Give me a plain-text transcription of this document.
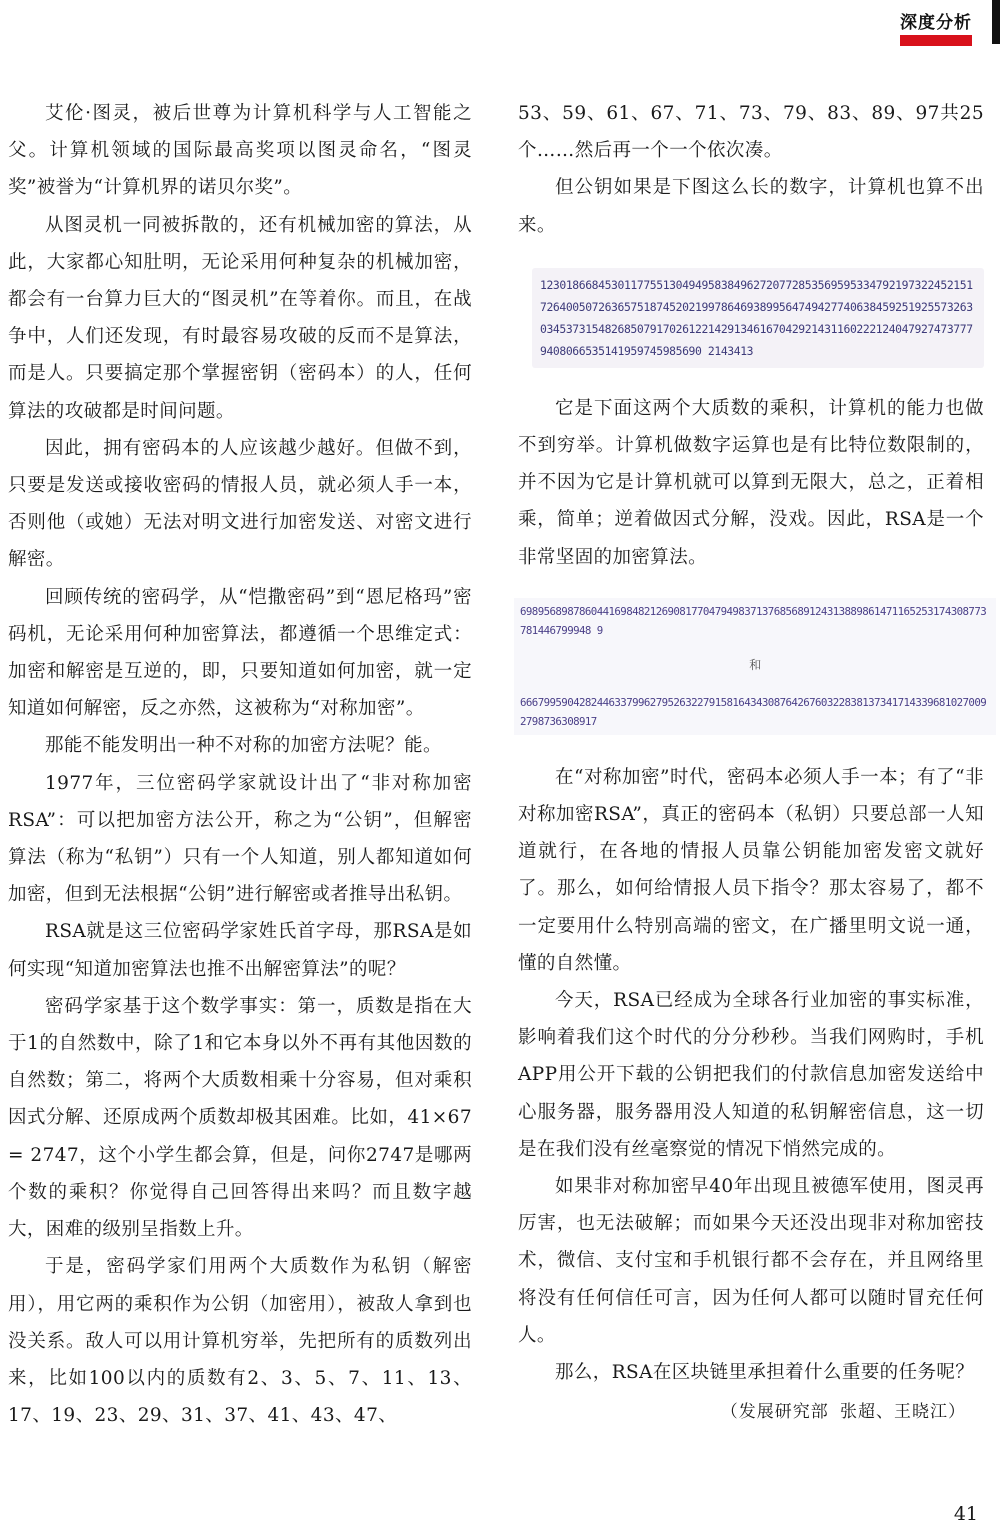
深度分析

艾伦·图灵，被后世尊为计算机科学与人工智能之父。计算机领域的国际最高奖项以图灵命名，“图灵奖”被誉为“计算机界的诺贝尔奖”。

从图灵机一同被拆散的，还有机械加密的算法，从此，大家都心知肚明，无论采用何种复杂的机械加密，都会有一台算力巨大的“图灵机”在等着你。而且，在战争中，人们还发现，有时最容易攻破的反而不是算法，而是人。只要搞定那个掌握密钥（密码本）的人，任何算法的攻破都是时间问题。

因此，拥有密码本的人应该越少越好。但做不到，只要是发送或接收密码的情报人员，就必须人手一本，否则他（或她）无法对明文进行加密发送、对密文进行解密。

回顾传统的密码学，从“恺撒密码”到“恩尼格玛”密码机，无论采用何种加密算法，都遵循一个思维定式：加密和解密是互逆的，即，只要知道如何加密，就一定知道如何解密，反之亦然，这被称为“对称加密”。

那能不能发明出一种不对称的加密方法呢？能。

1977年，三位密码学家就设计出了“非对称加密RSA”：可以把加密方法公开，称之为“公钥”，但解密算法（称为“私钥”）只有一个人知道，别人都知道如何加密，但到无法根据“公钥”进行解密或者推导出私钥。

RSA就是这三位密码学家姓氏首字母，那RSA是如何实现“知道加密算法也推不出解密算法”的呢？

密码学家基于这个数学事实：第一，质数是指在大于1的自然数中，除了1和它本身以外不再有其他因数的自然数；第二，将两个大质数相乘十分容易，但对乘积因式分解、还原成两个质数却极其困难。比如，41×67 = 2747，这个小学生都会算，但是，问你2747是哪两个数的乘积？你觉得自己回答得出来吗？而且数字越大，困难的级别呈指数上升。

于是，密码学家们用两个大质数作为私钥（解密用），用它两的乘积作为公钥（加密用），被敌人拿到也没关系。敌人可以用计算机穷举，先把所有的质数列出来，比如100以内的质数有2、3、5、7、11、13、17、19、23、29、31、37、41、43、47、

53、59、61、67、71、73、79、83、89、97共25个……然后再一个一个依次凑。

但公钥如果是下图这么长的数字，计算机也算不出来。

1230186684530117755130494958384962720772853569595334792197322452151726400507263657518745202199786469389956474942774063845925192557326303453731548268507917026122142913461670429214311602221240479274737779408066535141959745985690 2143413

它是下面这两个大质数的乘积，计算机的能力也做不到穷举。计算机做数字运算也是有比特位数限制的，并不因为它是计算机就可以算到无限大，总之，正着相乘，简单；逆着做因式分解，没戏。因此，RSA是一个非常坚固的加密算法。

6989568987860441698482126908177047949837137685689124313889861471165253174308773781446799948 9
和
66679959042824463379962795263227915816434308764267603228381373417143396810270092798736308917

在“对称加密”时代，密码本必须人手一本；有了“非对称加密RSA”，真正的密码本（私钥）只要总部一人知道就行，在各地的情报人员靠公钥能加密发密文就好了。那么，如何给情报人员下指令？那太容易了，都不一定要用什么特别高端的密文，在广播里明文说一通，懂的自然懂。

今天，RSA已经成为全球各行业加密的事实标准，影响着我们这个时代的分分秒秒。当我们网购时，手机APP用公开下载的公钥把我们的付款信息加密发送给中心服务器，服务器用没人知道的私钥解密信息，这一切是在我们没有丝毫察觉的情况下悄然完成的。

如果非对称加密早40年出现且被德军使用，图灵再厉害，也无法破解；而如果今天还没出现非对称加密技术，微信、支付宝和手机银行都不会存在，并且网络里将没有任何信任可言，因为任何人都可以随时冒充任何人。

那么，RSA在区块链里承担着什么重要的任务呢？

（发展研究部 张超、王晓江）
41
